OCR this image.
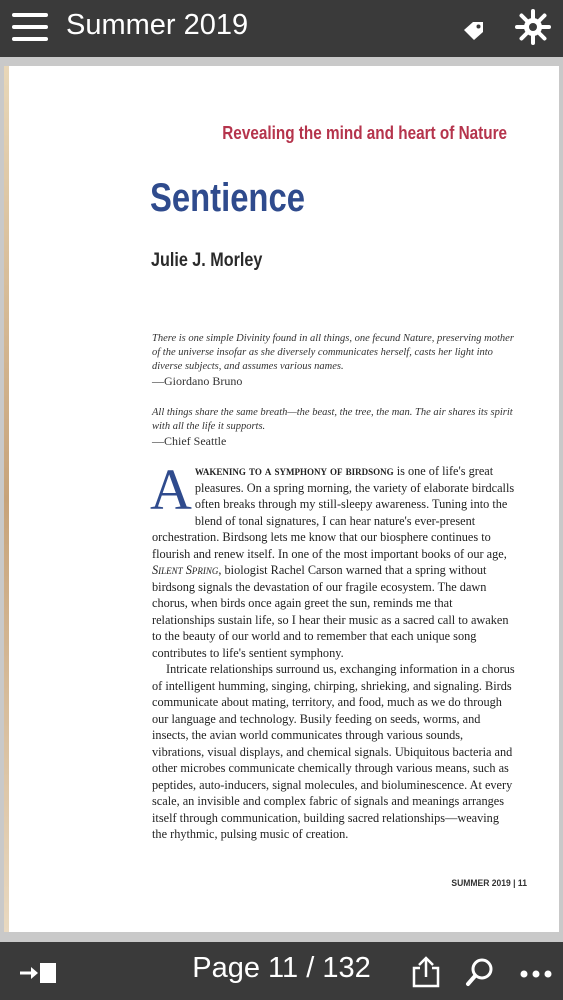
Summer 2019
Revealing the mind and heart of Nature
Sentience
Julie J. Morley
There is one simple Divinity found in all things, one fecund Nature, preserving mother of the universe insofar as she diversely communicates herself, casts her light into diverse subjects, and assumes various names.
—Giordano Bruno
All things share the same breath—the beast, the tree, the man. The air shares its spirit with all the life it supports.
—Chief Seattle

Awakening to a symphony of birdsong is one of life's great pleasures. On a spring morning, the variety of elaborate birdcalls often breaks through my still-sleepy awareness. Tuning into the blend of tonal signatures, I can hear nature's ever-present orchestration. Birdsong lets me know that our biosphere continues to flourish and renew itself. In one of the most important books of our age, Silent Spring, biologist Rachel Carson warned that a spring without birdsong signals the devastation of our fragile ecosystem. The dawn chorus, when birds once again greet the sun, reminds me that relationships sustain life, so I hear their music as a sacred call to awaken to the beauty of our world and to remember that each unique song contributes to life's sentient symphony.

Intricate relationships surround us, exchanging information in a chorus of intelligent humming, singing, chirping, shrieking, and signaling. Birds communicate about mating, territory, and food, much as we do through our language and technology. Busily feeding on seeds, worms, and insects, the avian world communicates through various sounds, vibrations, visual displays, and chemical signals. Ubiquitous bacteria and other microbes communicate chemically through various means, such as peptides, auto-inducers, signal molecules, and bioluminescence. At every scale, an invisible and complex fabric of signals and meanings arranges itself through communication, building sacred relationships—weaving the rhythmic, pulsing music of creation.

SUMMER 2019 | 11
Page 11 / 132
